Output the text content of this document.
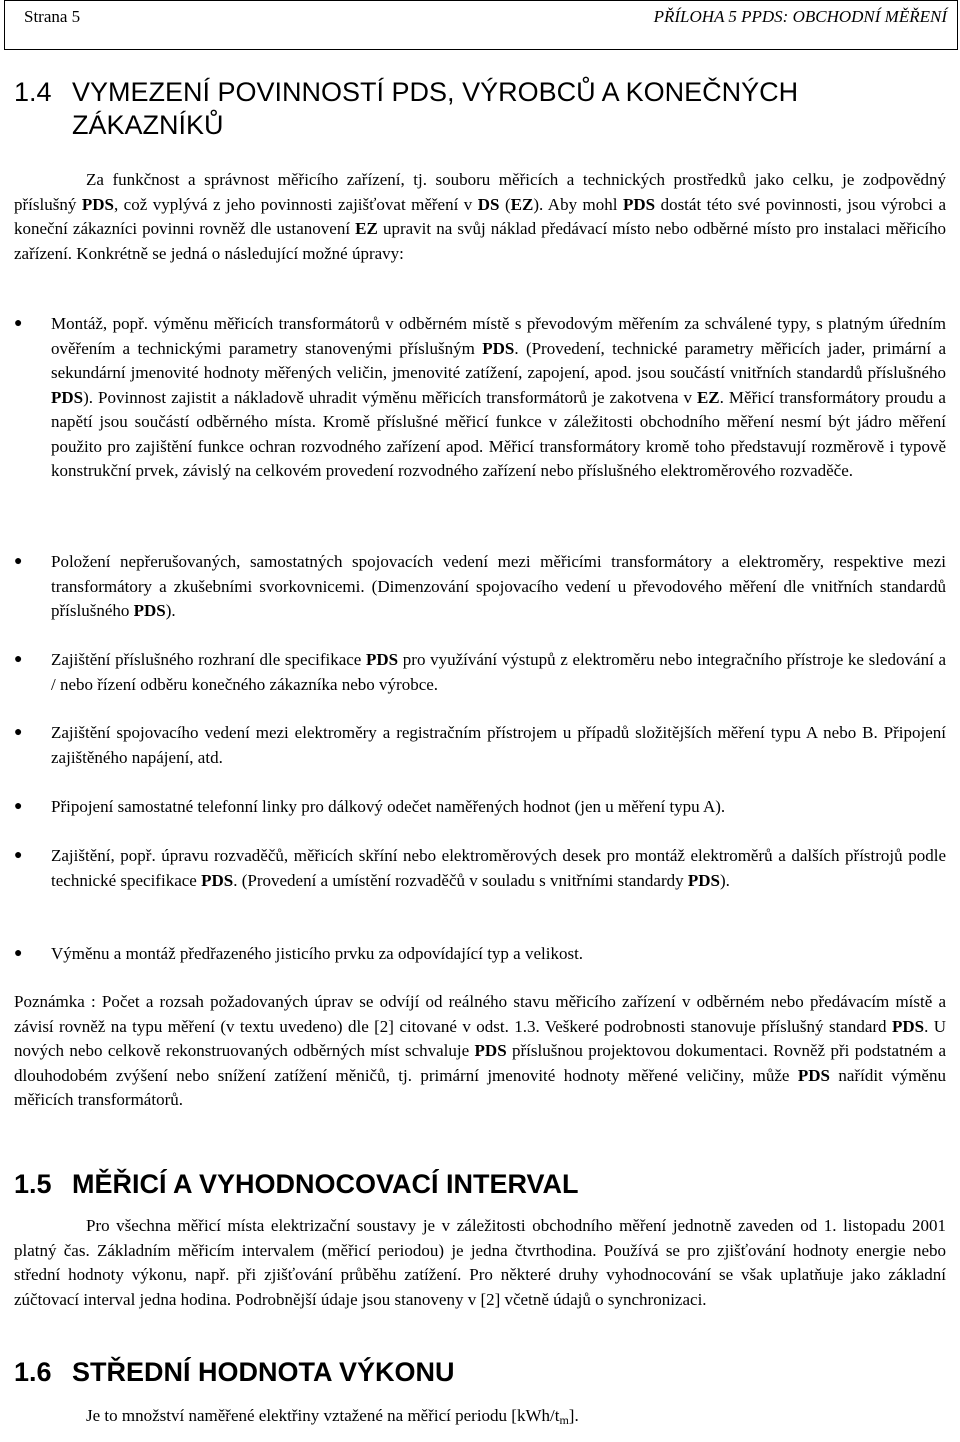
Strana 5	PŘÍLOHA 5 PPDS: OBCHODNÍ MĚŘENÍ
1.4 VYMEZENÍ POVINNOSTÍ PDS, VÝROBCŮ A KONEČNÝCH
ZÁKAZNÍKŮ

Za funkčnost a správnost měřicího zařízení, tj. souboru měřicích a technických prostředků jako celku, je zodpovědný příslušný PDS, což vyplývá z jeho povinnosti zajišťovat měření v DS (EZ). Aby mohl PDS dostát této své povinnosti, jsou výrobci a koneční zákazníci povinni rovněž dle ustanovení EZ upravit na svůj náklad předávací místo nebo odběrné místo pro instalaci měřicího zařízení. Konkrétně se jedná o následující možné úpravy:

● Montáž, popř. výměnu měřicích transformátorů v odběrném místě s převodovým měřením za schválené typy, s platným úředním ověřením a technickými parametry stanovenými příslušným PDS. (Provedení, technické parametry měřicích jader, primární a sekundární jmenovité hodnoty měřených veličin, jmenovité zatížení, zapojení, apod. jsou součástí vnitřních standardů příslušného PDS). Povinnost zajistit a nákladově uhradit výměnu měřicích transformátorů je zakotvena v EZ. Měřicí transformátory proudu a napětí jsou součástí odběrného místa. Kromě příslušné měřicí funkce v záležitosti obchodního měření nesmí být jádro měření použito pro zajištění funkce ochran rozvodného zařízení apod. Měřicí transformátory kromě toho představují rozměrově i typově konstrukční prvek, závislý na celkovém provedení rozvodného zařízení nebo příslušného elektroměrového rozvaděče.
● Položení nepřerušovaných, samostatných spojovacích vedení mezi měřicími transformátory a elektroměry, respektive mezi transformátory a zkušebními svorkovnicemi. (Dimenzování spojovacího vedení u převodového měření dle vnitřních standardů příslušného PDS).
● Zajištění příslušného rozhraní dle specifikace PDS pro využívání výstupů z elektroměru nebo integračního přístroje ke sledování a / nebo řízení odběru konečného zákazníka nebo výrobce.
● Zajištění spojovacího vedení mezi elektroměry a registračním přístrojem u případů složitějších měření typu A nebo B. Připojení zajištěného napájení, atd.
● Připojení samostatné telefonní linky pro dálkový odečet naměřených hodnot (jen u měření typu A).
● Zajištění, popř. úpravu rozvaděčů, měřicích skříní nebo elektroměrových desek pro montáž elektroměrů a dalších přístrojů podle technické specifikace PDS. (Provedení a umístění rozvaděčů v souladu s vnitřními standardy PDS).
● Výměnu a montáž předřazeného jisticího prvku za odpovídající typ a velikost.

Poznámka : Počet a rozsah požadovaných úprav se odvíjí od reálného stavu měřicího zařízení v odběrném nebo předávacím místě a závisí rovněž na typu měření (v textu uvedeno) dle [2] citované v odst. 1.3. Veškeré podrobnosti stanovuje příslušný standard PDS. U nových nebo celkově rekonstruovaných odběrných míst schvaluje PDS příslušnou projektovou dokumentaci. Rovněž při podstatném a dlouhodobém zvýšení nebo snížení zatížení měničů, tj. primární jmenovité hodnoty měřené veličiny, může PDS nařídit výměnu měřicích transformátorů.

1.5 MĚŘICÍ A VYHODNOCOVACÍ INTERVAL

Pro všechna měřicí místa elektrizační soustavy je v záležitosti obchodního měření jednotně zaveden od 1. listopadu 2001 platný čas. Základním měřicím intervalem (měřicí periodou) je jedna čtvrthodina. Používá se pro zjišťování hodnoty energie nebo střední hodnoty výkonu, např. při zjišťování průběhu zatížení. Pro některé druhy vyhodnocování se však uplatňuje jako základní zúčtovací interval jedna hodina. Podrobnější údaje jsou stanoveny v [2] včetně údajů o synchronizaci.

1.6 STŘEDNÍ HODNOTA VÝKONU

Je to množství naměřené elektřiny vztažené na měřicí periodu $[kWh/t_m]$.
